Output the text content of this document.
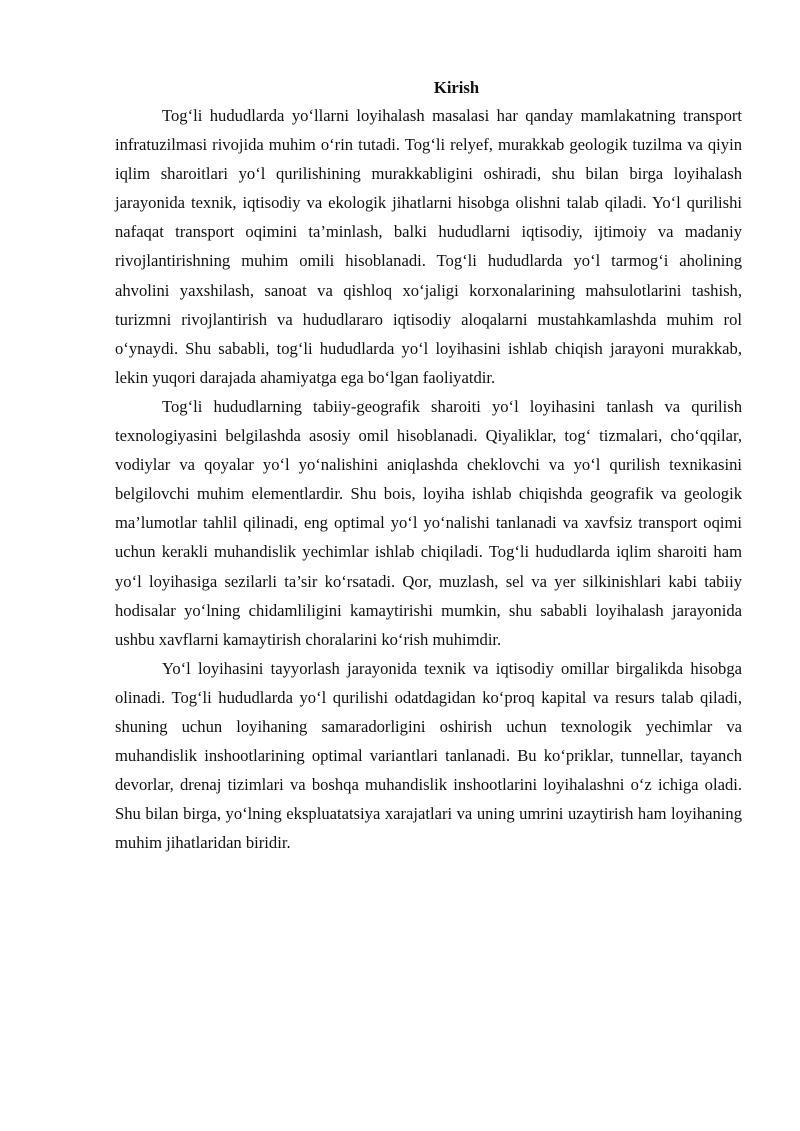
Kirish

Tog‘li hududlarda yo‘llarni loyihalash masalasi har qanday mamlakatning transport infratuzilmasi rivojida muhim o‘rin tutadi. Tog‘li relyef, murakkab geologik tuzilma va qiyin iqlim sharoitlari yo‘l qurilishining murakkabligini oshiradi, shu bilan birga loyihalash jarayonida texnik, iqtisodiy va ekologik jihatlarni hisobga olishni talab qiladi. Yo‘l qurilishi nafaqat transport oqimini ta’minlash, balki hududlarni iqtisodiy, ijtimoiy va madaniy rivojlantirishning muhim omili hisoblanadi. Tog‘li hududlarda yo‘l tarmog‘i aholining ahvolini yaxshilash, sanoat va qishloq xo‘jaligi korxonalarining mahsulotlarini tashish, turizmni rivojlantirish va hududlararo iqtisodiy aloqalarni mustahkamlashda muhim rol o‘ynaydi. Shu sababli, tog‘li hududlarda yo‘l loyihasini ishlab chiqish jarayoni murakkab, lekin yuqori darajada ahamiyatga ega bo‘lgan faoliyatdir.

Tog‘li hududlarning tabiiy-geografik sharoiti yo‘l loyihasini tanlash va qurilish texnologiyasini belgilashda asosiy omil hisoblanadi. Qiyaliklar, tog‘ tizmalari, cho‘qqilar, vodiylar va qoyalar yo‘l yo‘nalishini aniqlashda cheklovchi va yo‘l qurilish texnikasini belgilovchi muhim elementlardir. Shu bois, loyiha ishlab chiqishda geografik va geologik ma’lumotlar tahlil qilinadi, eng optimal yo‘l yo‘nalishi tanlanadi va xavfsiz transport oqimi uchun kerakli muhandislik yechimlar ishlab chiqiladi. Tog‘li hududlarda iqlim sharoiti ham yo‘l loyihasiga sezilarli ta’sir ko‘rsatadi. Qor, muzlash, sel va yer silkinishlari kabi tabiiy hodisalar yo‘lning chidamliligini kamaytirishi mumkin, shu sababli loyihalash jarayonida ushbu xavflarni kamaytirish choralarini ko‘rish muhimdir.

Yo‘l loyihasini tayyorlash jarayonida texnik va iqtisodiy omillar birgalikda hisobga olinadi. Tog‘li hududlarda yo‘l qurilishi odatdagidan ko‘proq kapital va resurs talab qiladi, shuning uchun loyihaning samaradorligini oshirish uchun texnologik yechimlar va muhandislik inshootlarining optimal variantlari tanlanadi. Bu ko‘priklar, tunnellar, tayanch devorlar, drenaj tizimlari va boshqa muhandislik inshootlarini loyihalashni o‘z ichiga oladi. Shu bilan birga, yo‘lning ekspluatatsiya xarajatlari va uning umrini uzaytirish ham loyihaning muhim jihatlaridan biridir.
